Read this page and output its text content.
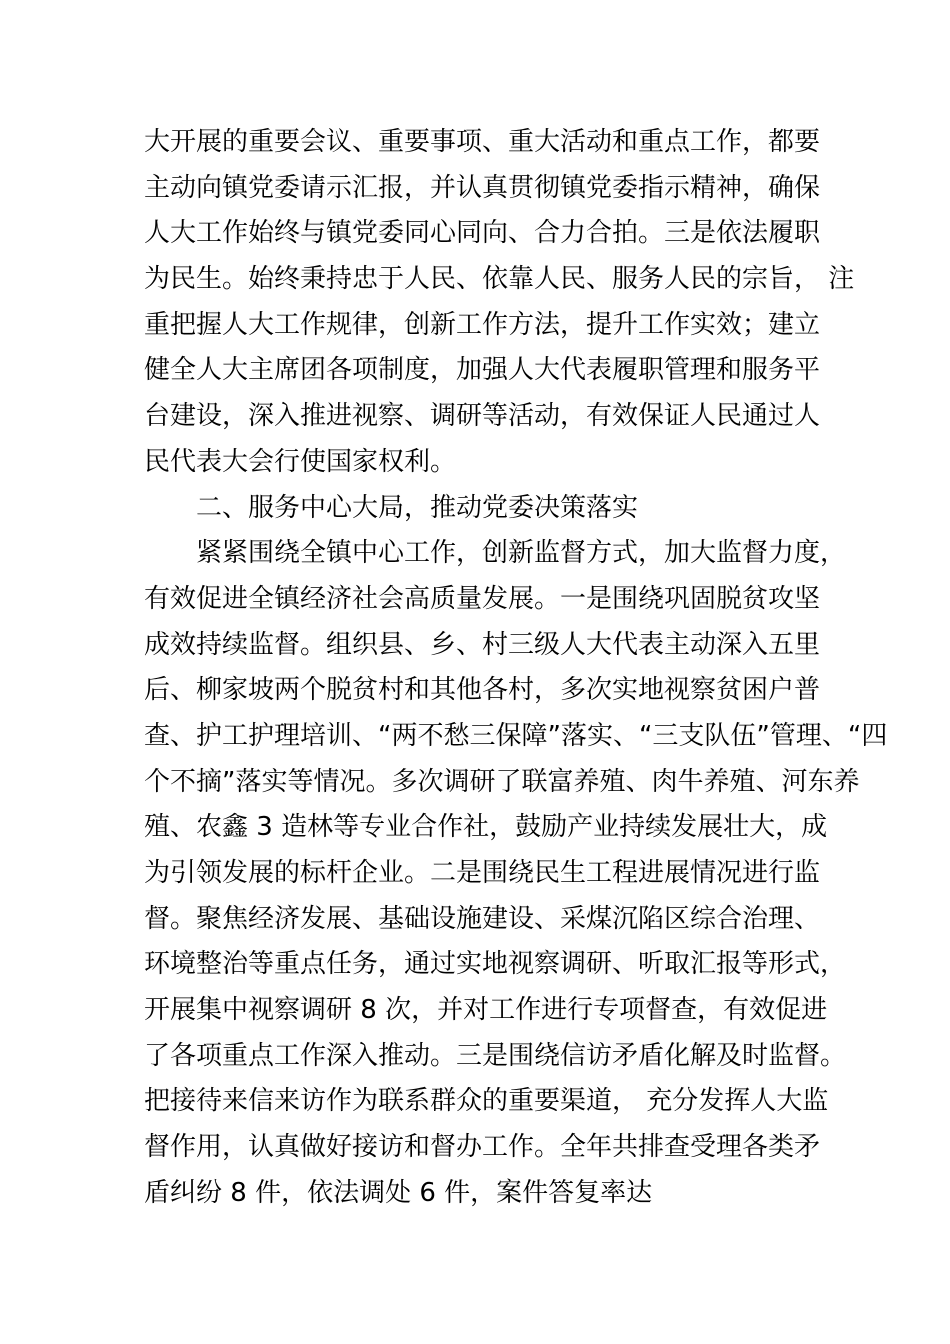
大开展的重要会议、重要事项、重大活动和重点工作，都要
主动向镇党委请示汇报，并认真贯彻镇党委指示精神，确保
人大工作始终与镇党委同心同向、合力合拍。三是依法履职
为民生。始终秉持忠于人民、依靠人民、服务人民的宗旨， 注
重把握人大工作规律，创新工作方法，提升工作实效；建立
健全人大主席团各项制度，加强人大代表履职管理和服务平
台建设，深入推进视察、调研等活动，有效保证人民通过人
民代表大会行使国家权利。
二、服务中心大局，推动党委决策落实
紧紧围绕全镇中心工作，创新监督方式，加大监督力度，
有效促进全镇经济社会高质量发展。一是围绕巩固脱贫攻坚
成效持续监督。组织县、乡、村三级人大代表主动深入五里
后、柳家坡两个脱贫村和其他各村，多次实地视察贫困户普
查、护工护理培训、“两不愁三保障”落实、“三支队伍”管理、“四
个不摘”落实等情况。多次调研了联富养殖、肉牛养殖、河东养
殖、农鑫 3 造林等专业合作社，鼓励产业持续发展壮大，成
为引领发展的标杆企业。二是围绕民生工程进展情况进行监
督。聚焦经济发展、基础设施建设、采煤沉陷区综合治理、
环境整治等重点任务，通过实地视察调研、听取汇报等形式，
开展集中视察调研 8 次，并对工作进行专项督查，有效促进
了各项重点工作深入推动。三是围绕信访矛盾化解及时监督。
把接待来信来访作为联系群众的重要渠道， 充分发挥人大监
督作用，认真做好接访和督办工作。全年共排查受理各类矛
盾纠纷 8 件，依法调处 6 件，案件答复率达
